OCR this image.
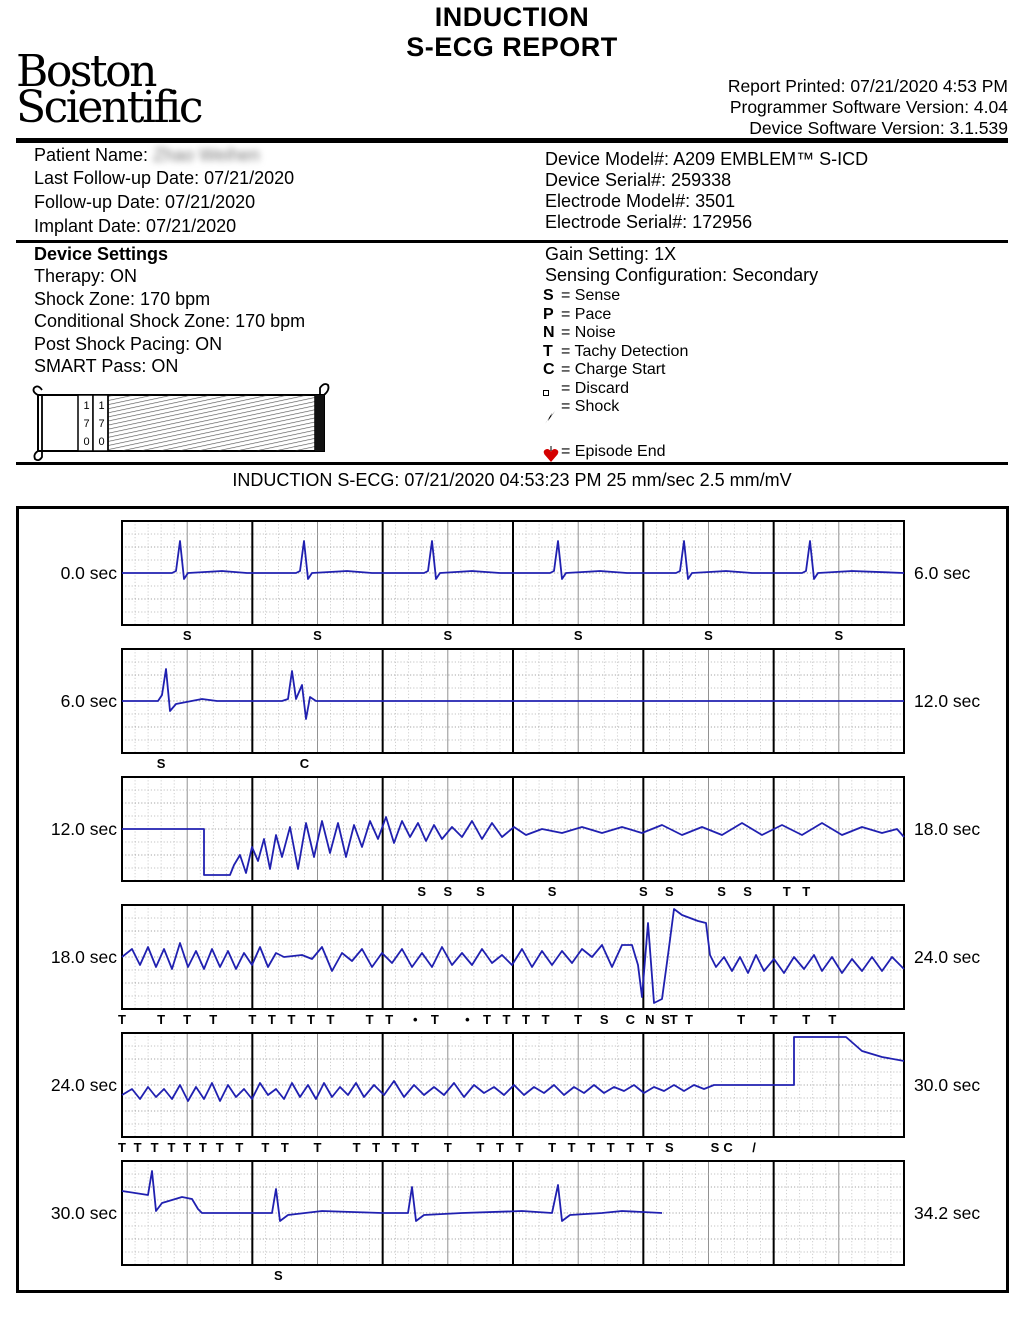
INDUCTION
S-ECG REPORT
Boston
Scientific	Report Printed: 07/21/2020 4:53 PM
Programmer Software Version: 4.04
Device Software Version: 3.1.539
Patient Name: Zhao Weihen
Last Follow-up Date: 07/21/2020
Follow-up Date: 07/21/2020
Implant Date: 07/21/2020
Device Model#: A209 EMBLEM™ S-ICD
Device Serial#: 259338
Electrode Model#: 3501
Electrode Serial#: 172956
Device Settings
Therapy: ON
Shock Zone: 170 bpm
Conditional Shock Zone: 170 bpm
Post Shock Pacing: ON
SMART Pass: ON
1
7
0
1
7
0
Gain Setting: 1X
Sensing Configuration: Secondary
S = Sense
P = Pace
N = Noise
T = Tachy Detection
C = Charge Start
= Discard
= Shock
= Episode End
INDUCTION S-ECG: 07/21/2020 04:53:23 PM 25 mm/sec 2.5 mm/mV
0.0 sec	6.0 sec
S	S	S	S	S	S
6.0 sec	12.0 sec
S	C
12.0 sec	18.0 sec
S S S	S	S S	S S T T
18.0 sec	24.0 sec
T T T T T T T T T T T • T • T T T T T S C N ST T	T T T T
24.0 sec	30.0 sec
T T T T T T T T T T T T T T T T T T T T T T T T T S	S C /
30.0 sec	34.2 sec
S
